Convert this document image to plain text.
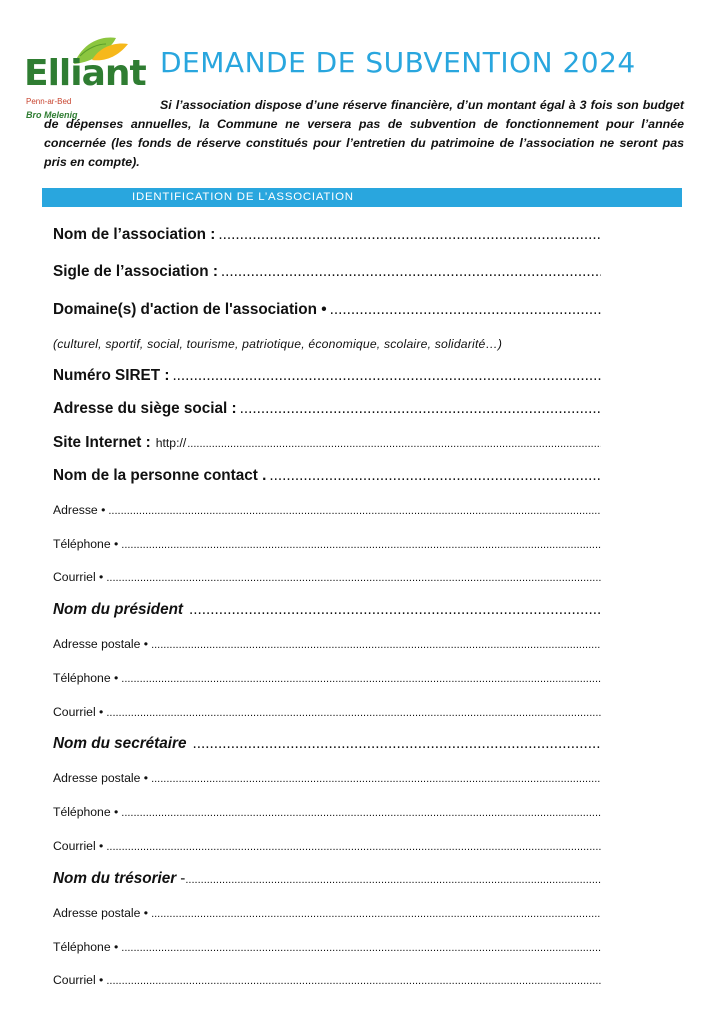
Elliant
Penn-ar-Bed
Bro Melenig
DEMANDE DE SUBVENTION 2024
Si l’association dispose d’une réserve financière, d’un montant égal à 3 fois son budget de dépenses annuelles, la Commune ne versera pas de subvention de fonctionnement pour l’année concernée (les fonds de réserve constitués pour l’entretien du patrimoine de l’association ne seront pas pris en compte).
IDENTIFICATION DE L’ASSOCIATION
Nom de l’association :
.....
Sigle de l’association :
.....
Domaine(s) d'action de l'association •
.....
(culturel, sportif, social, tourisme, patriotique, économique, scolaire, solidarité…)
Numéro SIRET :
.....
Adresse du siège social :
.....
Site Internet : http://
.....
Nom de la personne contact .
.....
Adresse •
.....
Téléphone •
.....
Courriel •
.....
Nom du président
.....
Adresse postale •
.....
Téléphone •
.....
Courriel •
.....
Nom du secrétaire
.....
Adresse postale •
.....
Téléphone •
.....
Courriel •
.....
Nom du trésorier -
.....
Adresse postale •
.....
Téléphone •
.....
Courriel •
.....
